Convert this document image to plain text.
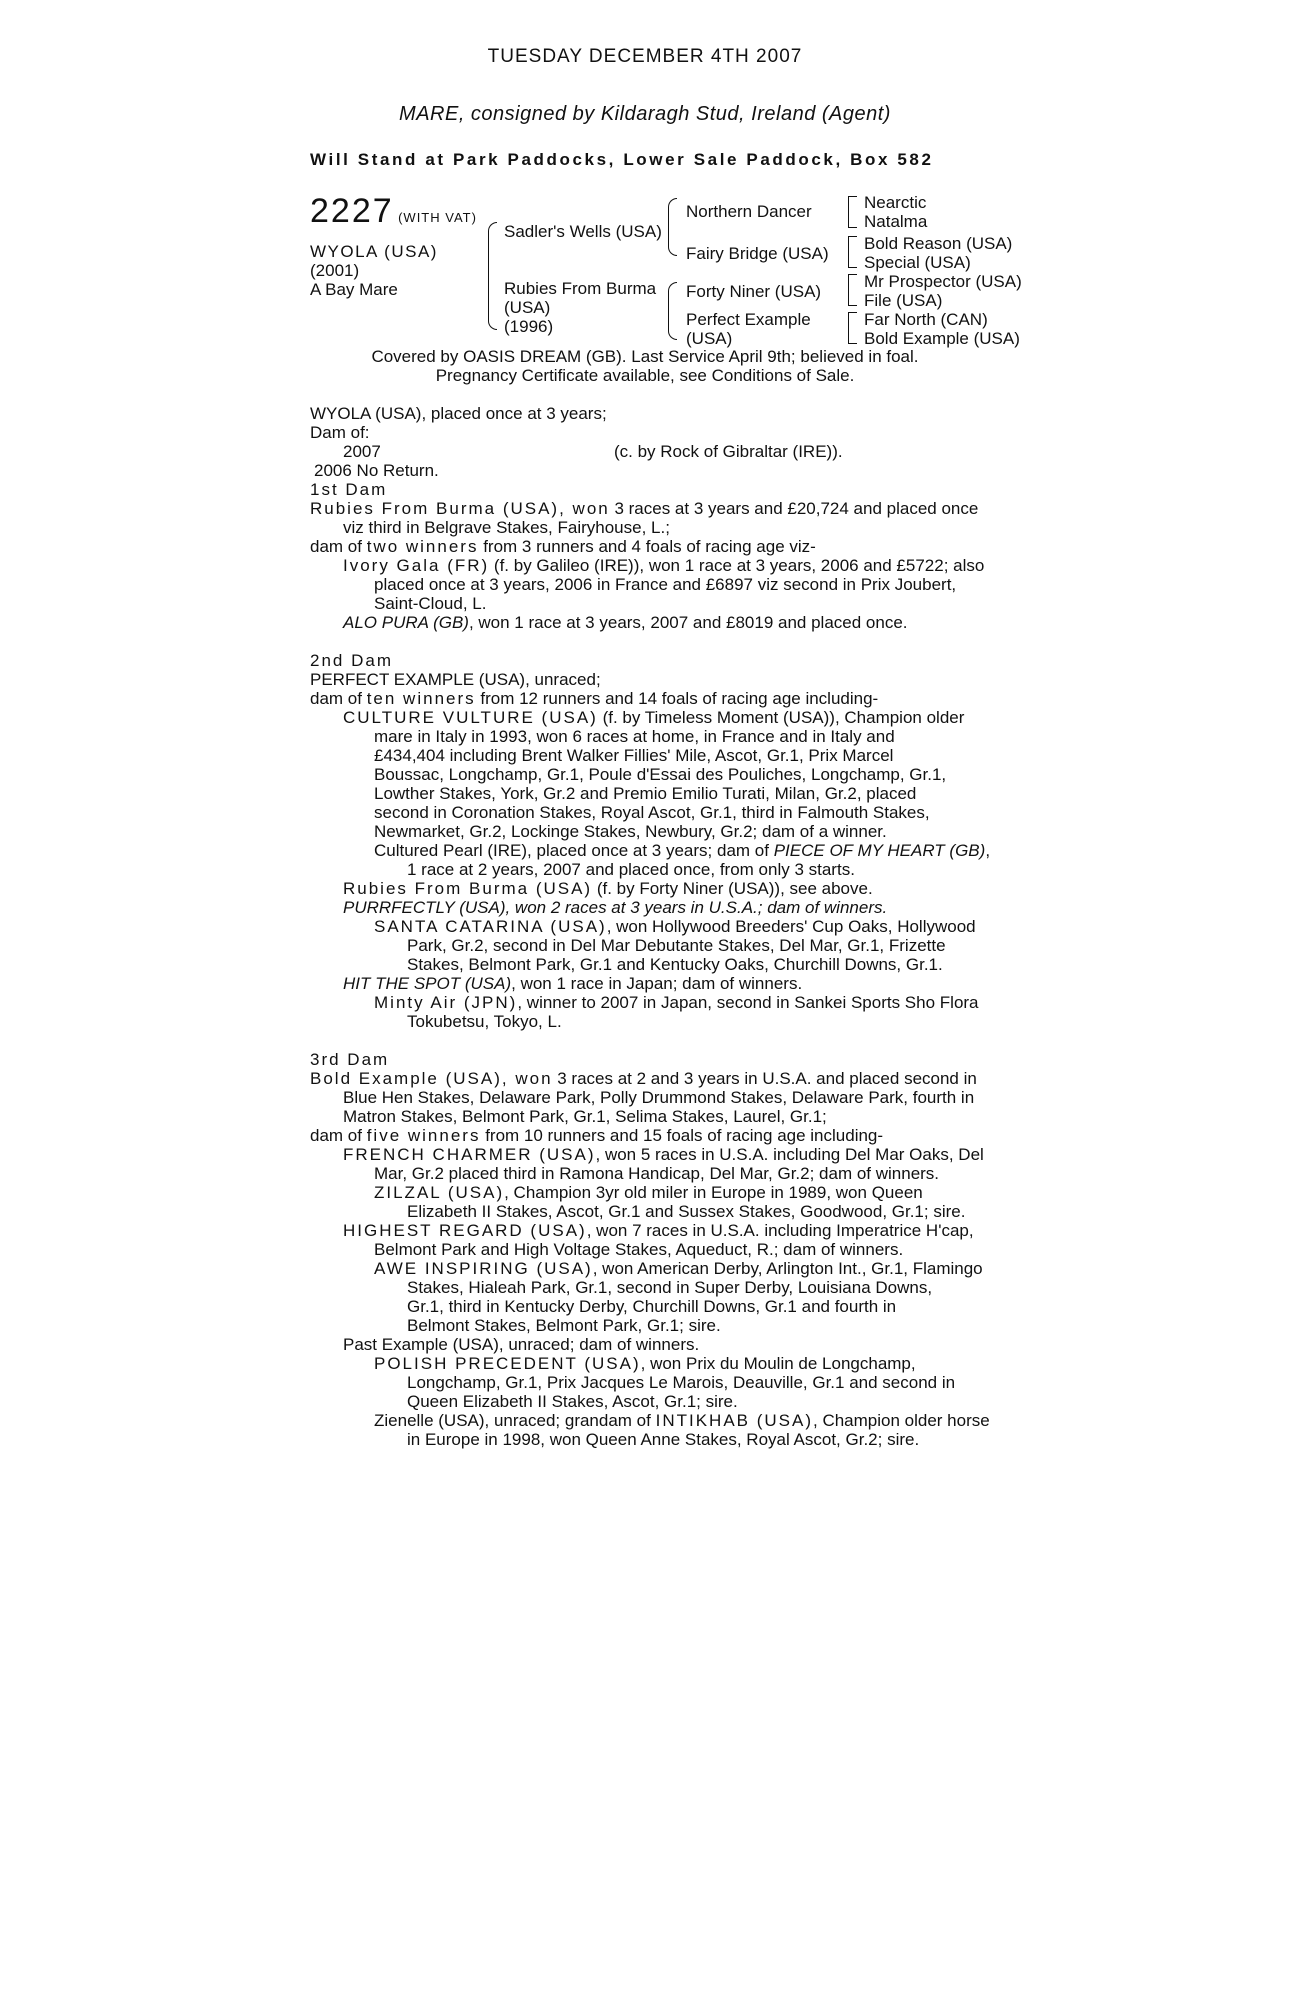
TUESDAY DECEMBER 4TH 2007
MARE, consigned by Kildaragh Stud, Ireland (Agent)
Will Stand at Park Paddocks, Lower Sale Paddock, Box 582
2227 (WITH VAT)
WYOLA (USA)
(2001)
A Bay Mare
Sadler's Wells (USA)
Rubies From Burma
(USA)
(1996)
Northern Dancer
Fairy Bridge (USA)
Forty Niner (USA)
Perfect Example
(USA)
Nearctic
Natalma
Bold Reason (USA)
Special (USA)
Mr Prospector (USA)
File (USA)
Far North (CAN)
Bold Example (USA)
Covered by OASIS DREAM (GB). Last Service April 9th; believed in foal.
Pregnancy Certificate available, see Conditions of Sale.
WYOLA (USA), placed once at 3 years;
Dam of:
2007	(c. by Rock of Gibraltar (IRE)).
2006 No Return.
1st Dam
Rubies From Burma (USA), won 3 races at 3 years and £20,724 and placed once
viz third in Belgrave Stakes, Fairyhouse, L.;
dam of two winners from 3 runners and 4 foals of racing age viz-
Ivory Gala (FR) (f. by Galileo (IRE)), won 1 race at 3 years, 2006 and £5722; also
placed once at 3 years, 2006 in France and £6897 viz second in Prix Joubert,
Saint-Cloud, L.
ALO PURA (GB), won 1 race at 3 years, 2007 and £8019 and placed once.
2nd Dam
PERFECT EXAMPLE (USA), unraced;
dam of ten winners from 12 runners and 14 foals of racing age including-
CULTURE VULTURE (USA) (f. by Timeless Moment (USA)), Champion older
mare in Italy in 1993, won 6 races at home, in France and in Italy and
£434,404 including Brent Walker Fillies' Mile, Ascot, Gr.1, Prix Marcel
Boussac, Longchamp, Gr.1, Poule d'Essai des Pouliches, Longchamp, Gr.1,
Lowther Stakes, York, Gr.2 and Premio Emilio Turati, Milan, Gr.2, placed
second in Coronation Stakes, Royal Ascot, Gr.1, third in Falmouth Stakes,
Newmarket, Gr.2, Lockinge Stakes, Newbury, Gr.2; dam of a winner.
Cultured Pearl (IRE), placed once at 3 years; dam of PIECE OF MY HEART (GB),
1 race at 2 years, 2007 and placed once, from only 3 starts.
Rubies From Burma (USA) (f. by Forty Niner (USA)), see above.
PURRFECTLY (USA), won 2 races at 3 years in U.S.A.; dam of winners.
SANTA CATARINA (USA), won Hollywood Breeders' Cup Oaks, Hollywood
Park, Gr.2, second in Del Mar Debutante Stakes, Del Mar, Gr.1, Frizette
Stakes, Belmont Park, Gr.1 and Kentucky Oaks, Churchill Downs, Gr.1.
HIT THE SPOT (USA), won 1 race in Japan; dam of winners.
Minty Air (JPN), winner to 2007 in Japan, second in Sankei Sports Sho Flora
Tokubetsu, Tokyo, L.
3rd Dam
Bold Example (USA), won 3 races at 2 and 3 years in U.S.A. and placed second in
Blue Hen Stakes, Delaware Park, Polly Drummond Stakes, Delaware Park, fourth in
Matron Stakes, Belmont Park, Gr.1, Selima Stakes, Laurel, Gr.1;
dam of five winners from 10 runners and 15 foals of racing age including-
FRENCH CHARMER (USA), won 5 races in U.S.A. including Del Mar Oaks, Del
Mar, Gr.2 placed third in Ramona Handicap, Del Mar, Gr.2; dam of winners.
ZILZAL (USA), Champion 3yr old miler in Europe in 1989, won Queen
Elizabeth II Stakes, Ascot, Gr.1 and Sussex Stakes, Goodwood, Gr.1; sire.
HIGHEST REGARD (USA), won 7 races in U.S.A. including Imperatrice H'cap,
Belmont Park and High Voltage Stakes, Aqueduct, R.; dam of winners.
AWE INSPIRING (USA), won American Derby, Arlington Int., Gr.1, Flamingo
Stakes, Hialeah Park, Gr.1, second in Super Derby, Louisiana Downs,
Gr.1, third in Kentucky Derby, Churchill Downs, Gr.1 and fourth in
Belmont Stakes, Belmont Park, Gr.1; sire.
Past Example (USA), unraced; dam of winners.
POLISH PRECEDENT (USA), won Prix du Moulin de Longchamp,
Longchamp, Gr.1, Prix Jacques Le Marois, Deauville, Gr.1 and second in
Queen Elizabeth II Stakes, Ascot, Gr.1; sire.
Zienelle (USA), unraced; grandam of INTIKHAB (USA), Champion older horse
in Europe in 1998, won Queen Anne Stakes, Royal Ascot, Gr.2; sire.
